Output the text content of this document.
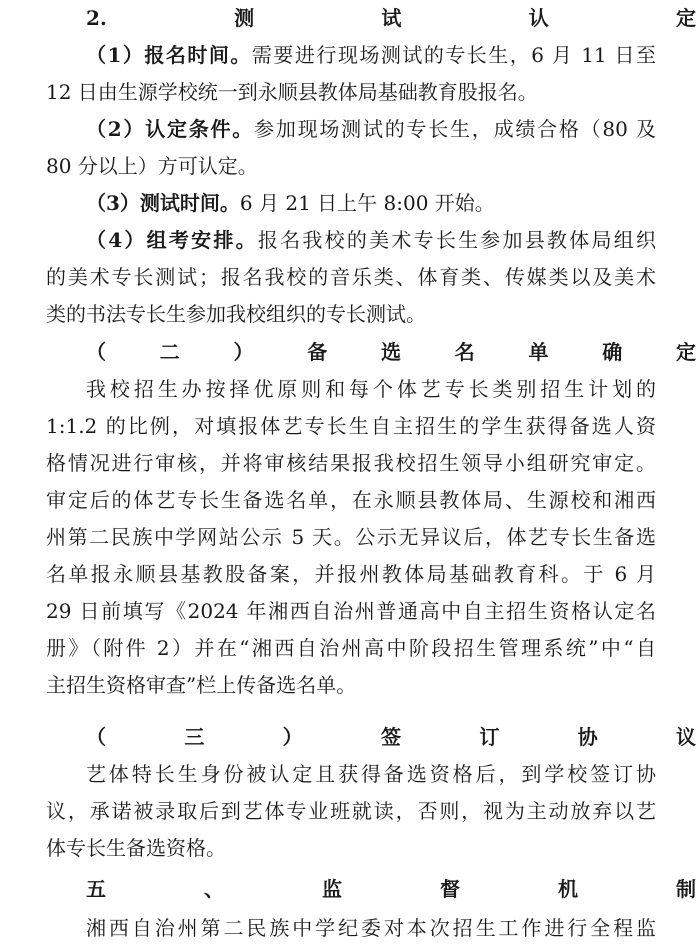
2.测试认定
（1）报名时间。需要进行现场测试的专长生，6 月 11 日至
12 日由生源学校统一到永顺县教体局基础教育股报名。
（2）认定条件。参加现场测试的专长生，成绩合格（80 及
80 分以上）方可认定。
（3）测试时间。6 月 21 日上午 8:00 开始。
（4）组考安排。报名我校的美术专长生参加县教体局组织
的美术专长测试；报名我校的音乐类、体育类、传媒类以及美术
类的书法专长生参加我校组织的专长测试。
（二）备选名单确定
我校招生办按择优原则和每个体艺专长类别招生计划的
1:1.2 的比例，对填报体艺专长生自主招生的学生获得备选人资
格情况进行审核，并将审核结果报我校招生领导小组研究审定。
审定后的体艺专长生备选名单，在永顺县教体局、生源校和湘西
州第二民族中学网站公示 5 天。公示无异议后，体艺专长生备选
名单报永顺县基教股备案，并报州教体局基础教育科。于 6 月
29 日前填写《2024 年湘西自治州普通高中自主招生资格认定名
册》（附件 2）并在“湘西自治州高中阶段招生管理系统”中“自
主招生资格审查”栏上传备选名单。
（三）签订协议
艺体特长生身份被认定且获得备选资格后，到学校签订协
议，承诺被录取后到艺体专业班就读，否则，视为主动放弃以艺
体专长生备选资格。
五、监督机制
湘西自治州第二民族中学纪委对本次招生工作进行全程监
